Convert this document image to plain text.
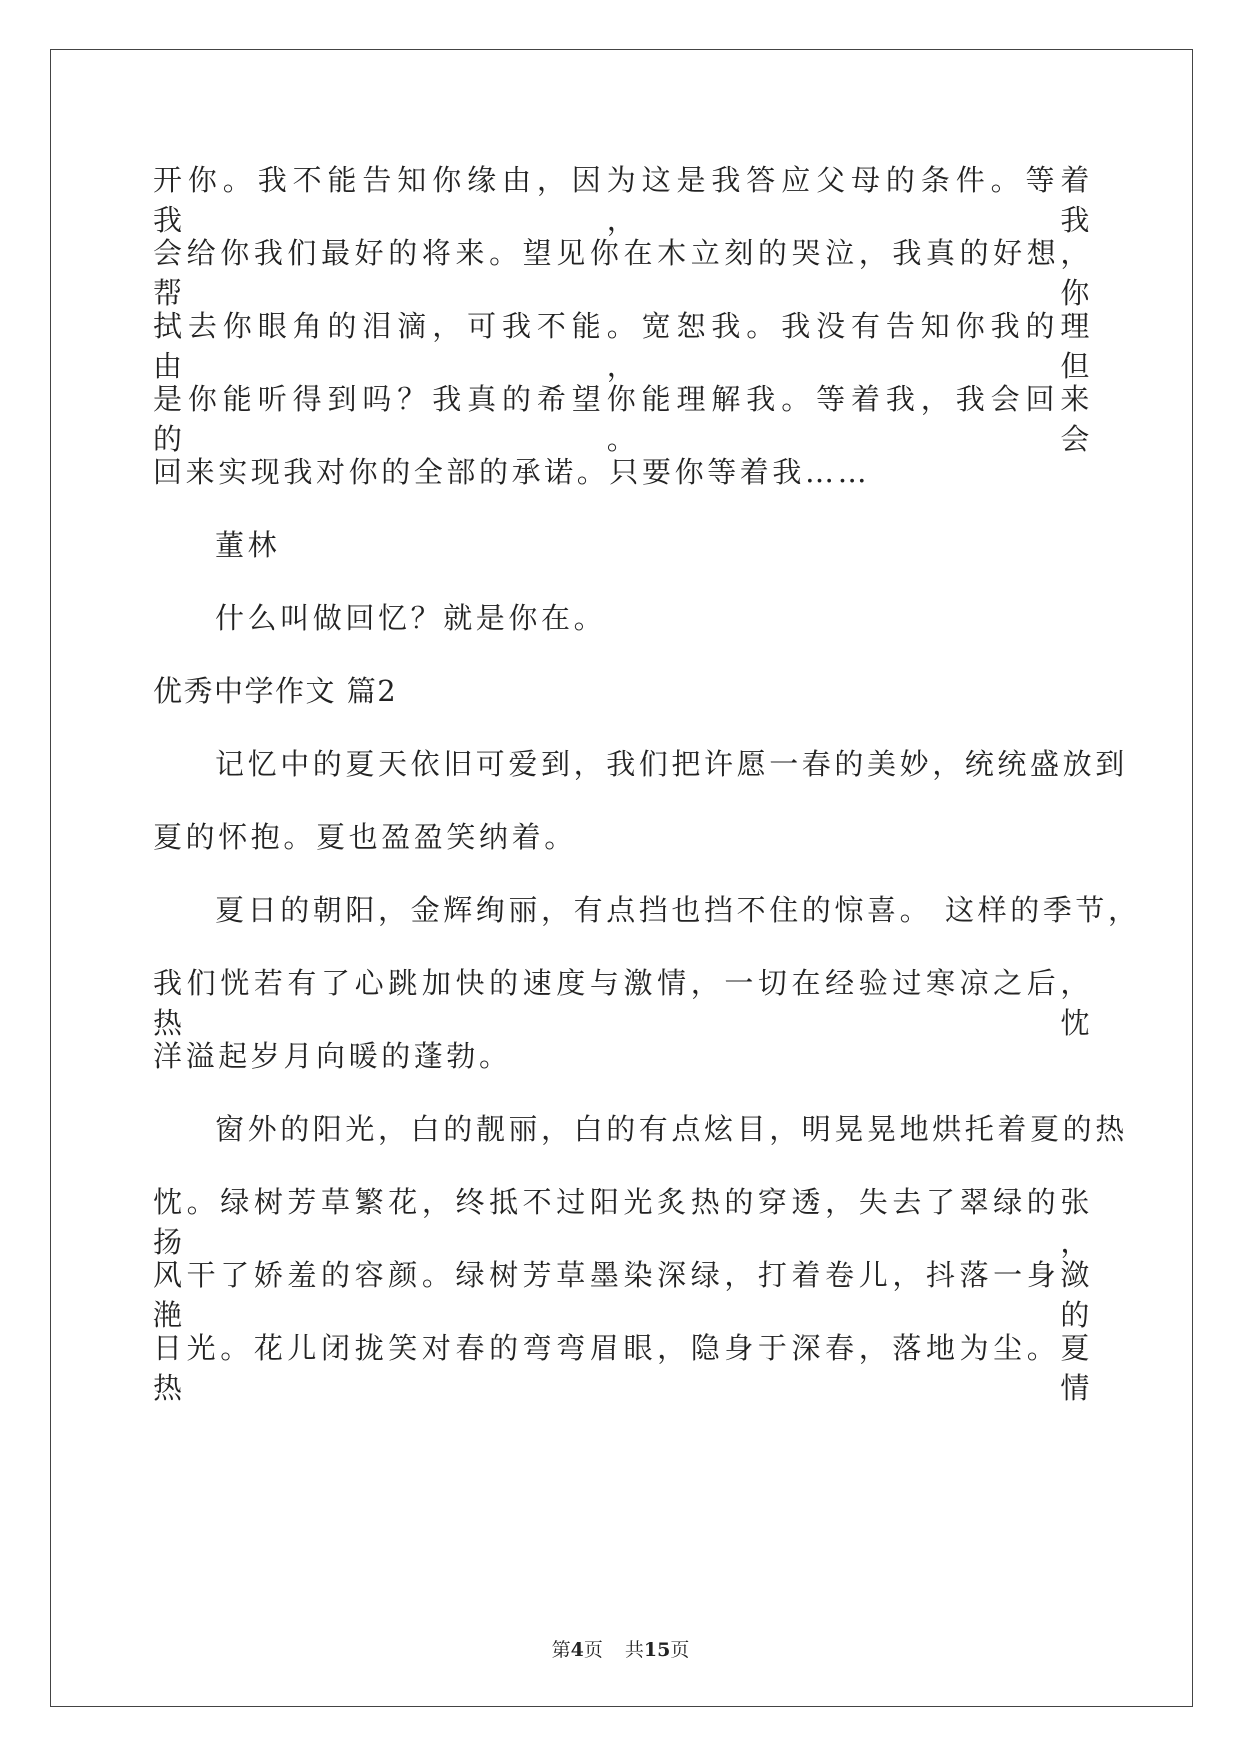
开你。我不能告知你缘由，因为这是我答应父母的条件。等着我，我
会给你我们最好的将来。望见你在木立刻的哭泣，我真的好想，帮你
拭去你眼角的泪滴，可我不能。宽恕我。我没有告知你我的理由，但
是你能听得到吗？我真的希望你能理解我。等着我，我会回来的。会
回来实现我对你的全部的承诺。只要你等着我……
董林
什么叫做回忆？就是你在。
优秀中学作文 篇2
记忆中的夏天依旧可爱到，我们把许愿一春的美妙，统统盛放到
夏的怀抱。夏也盈盈笑纳着。
夏日的朝阳，金辉绚丽，有点挡也挡不住的惊喜。 这样的季节，
我们恍若有了心跳加快的速度与激情，一切在经验过寒凉之后，热忱
洋溢起岁月向暖的蓬勃。
窗外的阳光，白的靓丽，白的有点炫目，明晃晃地烘托着夏的热
忱。绿树芳草繁花，终抵不过阳光炙热的穿透，失去了翠绿的张扬，
风干了娇羞的容颜。绿树芳草墨染深绿，打着卷儿，抖落一身潋滟的
日光。花儿闭拢笑对春的弯弯眉眼，隐身于深春，落地为尘。夏热情
第4页 共15页
